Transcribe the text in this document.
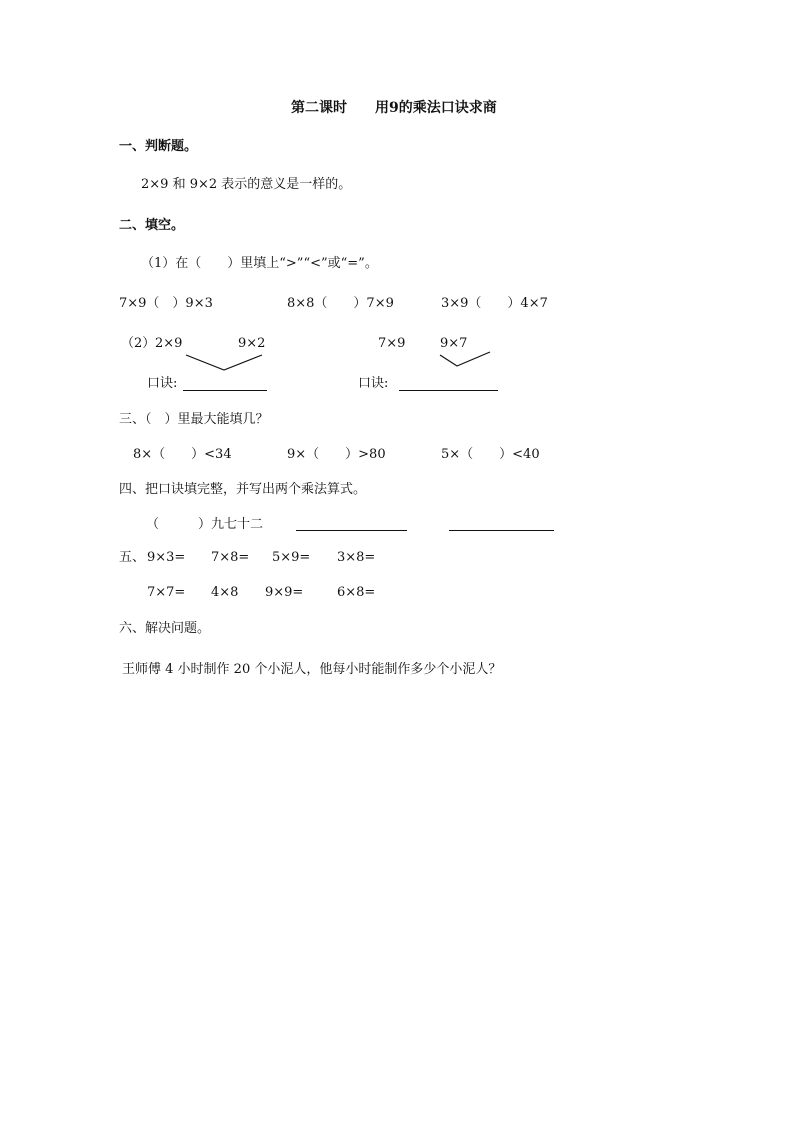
第二课时 用9的乘法口诀求商
一、判断题。
2×9 和 9×2 表示的意义是一样的。
二、填空。
（1）在（　　）里填上“>”“<”或“=”。
7×9（　）9×3	8×8（　　）7×9	3×9（　　）4×7
（2） 2×9	9×2	7×9	9×7
口诀:	口诀:
三、（　）里最大能填几？
8×（　　）<34	9×（　　）>80	5×（　　）<40
四、把口诀填完整，并写出两个乘法算式。
（　　　）九七十二
五、 9×3= 7×8= 5×9= 3×8=
7×7= 4×8 9×9=	6×8=
六、解决问题。
王师傅 4 小时制作 20 个小泥人，他每小时能制作多少个小泥人？
